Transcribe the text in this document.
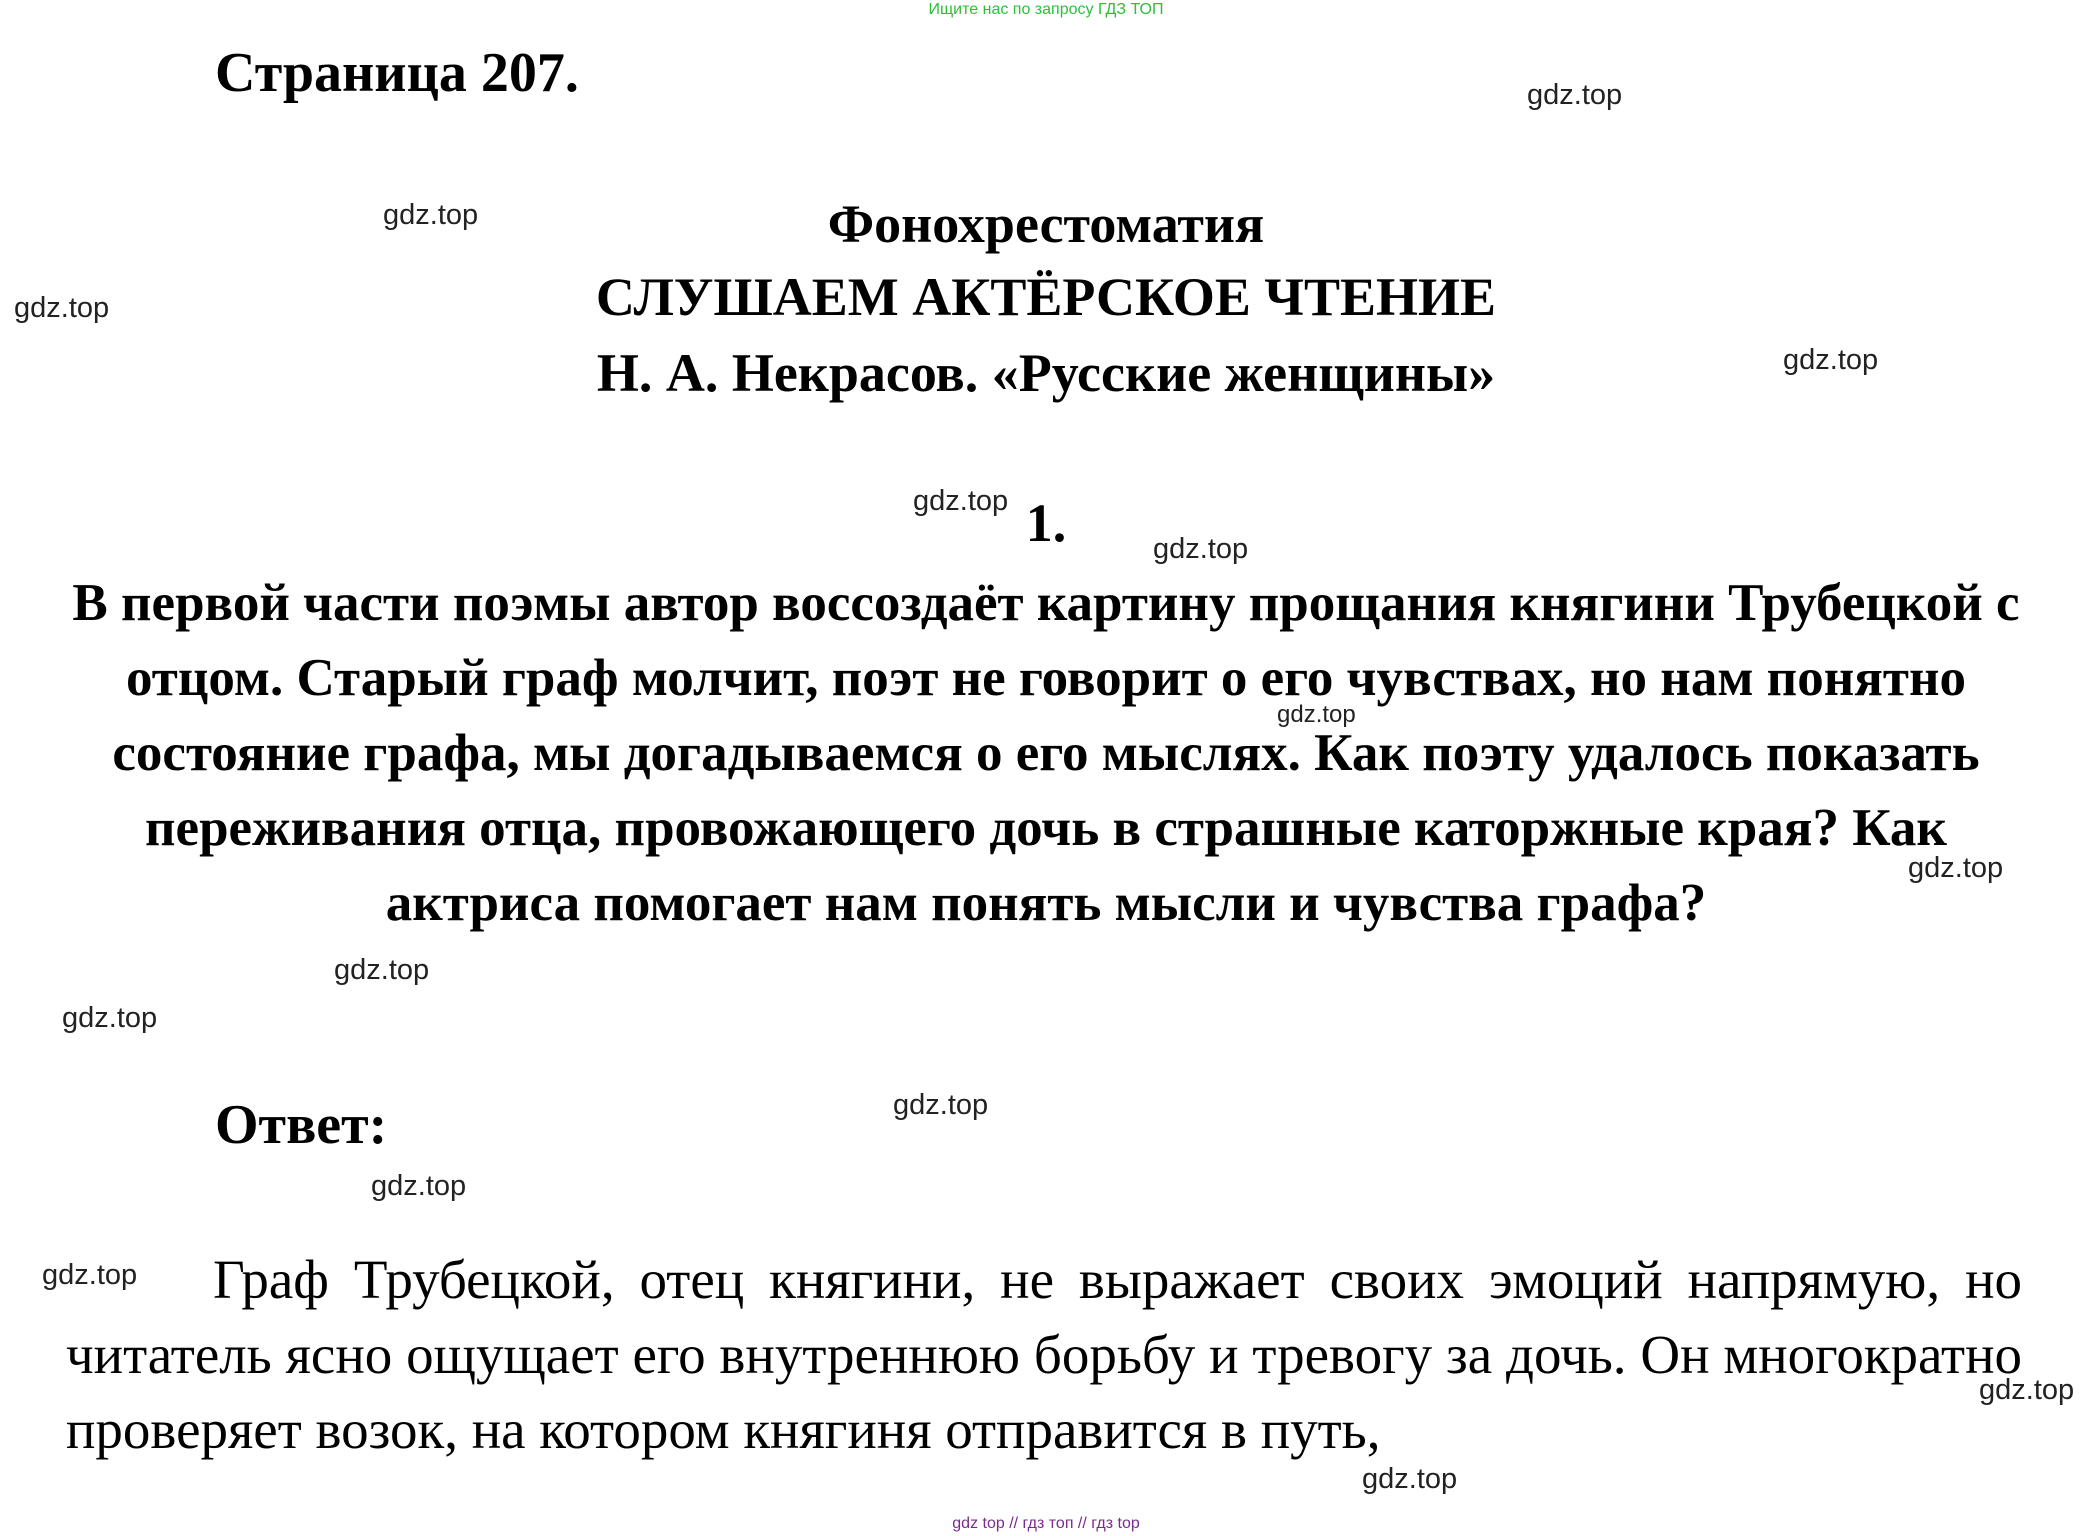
Ищите нас по запросу ГДЗ ТОП
Страница 207.
Фонохрестоматия
СЛУШАЕМ АКТЁРСКОЕ ЧТЕНИЕ
Н. А. Некрасов. «Русские женщины»
1.
В первой части поэмы автор воссоздаёт картину прощания княгини Трубецкой с отцом. Старый граф молчит, поэт не говорит о его чувствах, но нам понятно состояние графа, мы догадываемся о его мыслях. Как поэту удалось показать переживания отца, провожающего дочь в страшные каторжные края? Как актриса помогает нам понять мысли и чувства графа?
Ответ:
Граф Трубецкой, отец княгини, не выражает своих эмоций напрямую, но читатель ясно ощущает его внутреннюю борьбу и тревогу за дочь. Он многократно проверяет возок, на котором княгиня отправится в путь,
gdz.top
gdz.top
gdz.top
gdz.top
gdz.top
gdz.top
gdz.top
gdz.top
gdz.top
gdz.top
gdz.top
gdz.top
gdz.top
gdz.top
gdz.top
gdz top // гдз топ // гдз top
